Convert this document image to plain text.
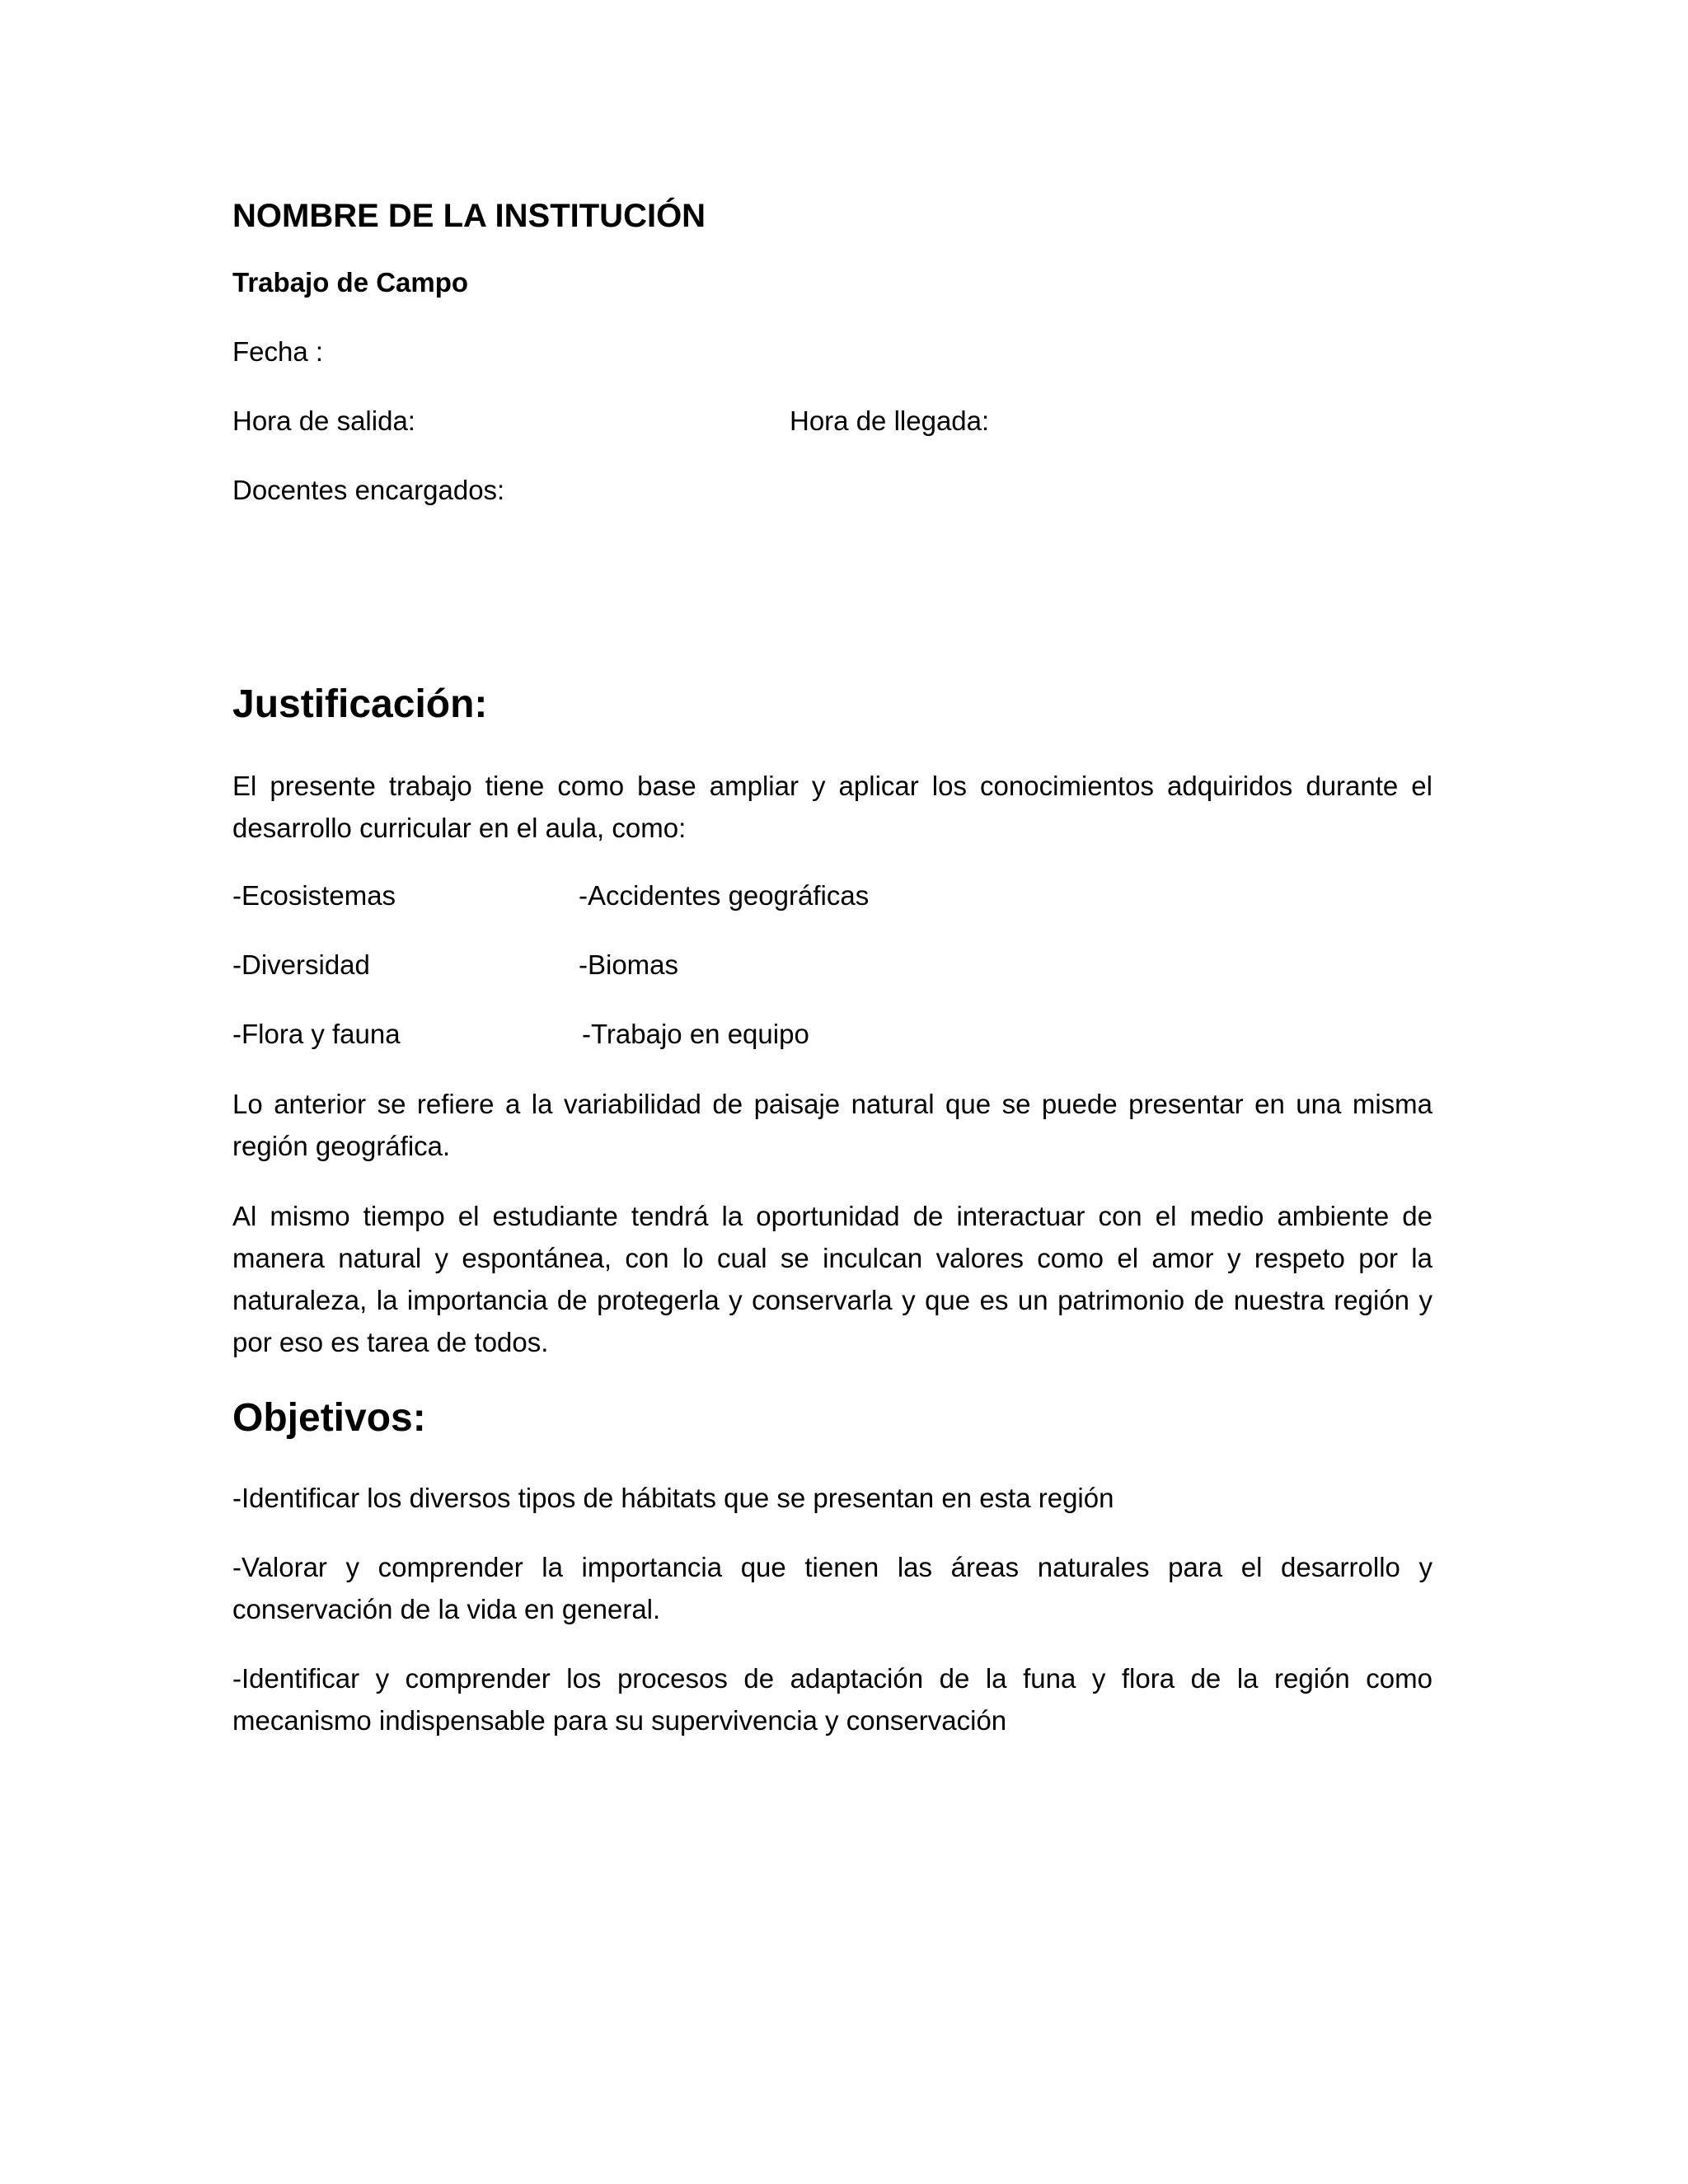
NOMBRE DE LA INSTITUCIÓN
Trabajo de Campo
Fecha :
Hora de salida:	Hora de llegada:
Docentes encargados:
Justificación:

El presente trabajo tiene como base ampliar y aplicar los conocimientos adquiridos durante el desarrollo curricular en el aula, como:

-Ecosistemas	-Accidentes geográficas
-Diversidad	-Biomas
-Flora y fauna	-Trabajo en equipo

Lo anterior se refiere a la variabilidad de paisaje natural que se puede presentar en una misma región geográfica.

Al mismo tiempo el estudiante tendrá la oportunidad de interactuar con el medio ambiente de manera natural y espontánea, con lo cual se inculcan valores como el amor y respeto por la naturaleza, la importancia de protegerla y conservarla y que es un patrimonio de nuestra región y por eso es tarea de todos.

Objetivos:

-Identificar los diversos tipos de hábitats que se presentan en esta región

-Valorar y comprender la importancia que tienen las áreas naturales para el desarrollo y conservación de la vida en general.

-Identificar y comprender los procesos de adaptación de la funa y flora de la región como mecanismo indispensable para su supervivencia y conservación
